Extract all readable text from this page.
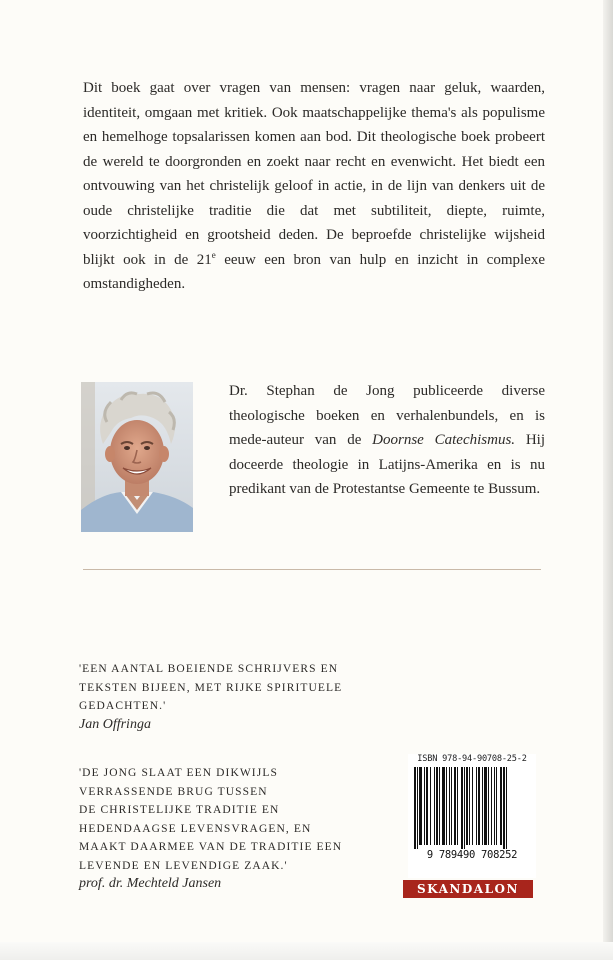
Dit boek gaat over vragen van mensen: vragen naar geluk, waarden, identiteit, omgaan met kritiek. Ook maatschappelijke thema's als populisme en hemelhoge topsalarissen komen aan bod. Dit theologische boek probeert de wereld te doorgronden en zoekt naar recht en evenwicht. Het biedt een ontvouwing van het christelijk geloof in actie, in de lijn van denkers uit de oude christelijke traditie die dat met subtiliteit, diepte, ruimte, voorzichtigheid en grootsheid deden. De beproefde christelijke wijsheid blijkt ook in de 21e eeuw een bron van hulp en inzicht in complexe omstandigheden.

Dr. Stephan de Jong publiceerde diverse theologische boeken en verhalenbundels, en is mede-auteur van de Doornse Catechismus. Hij doceerde theologie in Latijns-Amerika en is nu predikant van de Protestantse Gemeente te Bussum.

'EEN AANTAL BOEIENDE SCHRIJVERS EN
TEKSTEN BIJEEN, MET RIJKE SPIRITUELE
GEDACHTEN.'
Jan Offringa

'DE JONG SLAAT EEN DIKWIJLS
VERRASSENDE BRUG TUSSEN
DE CHRISTELIJKE TRADITIE EN
HEDENDAAGSE LEVENSVRAGEN, EN
MAAKT DAARMEE VAN DE TRADITIE EEN
LEVENDE EN LEVENDIGE ZAAK.'
prof. dr. Mechteld Jansen

ISBN 978-94-90708-25-2
9 789490 708252
SKANDALON
